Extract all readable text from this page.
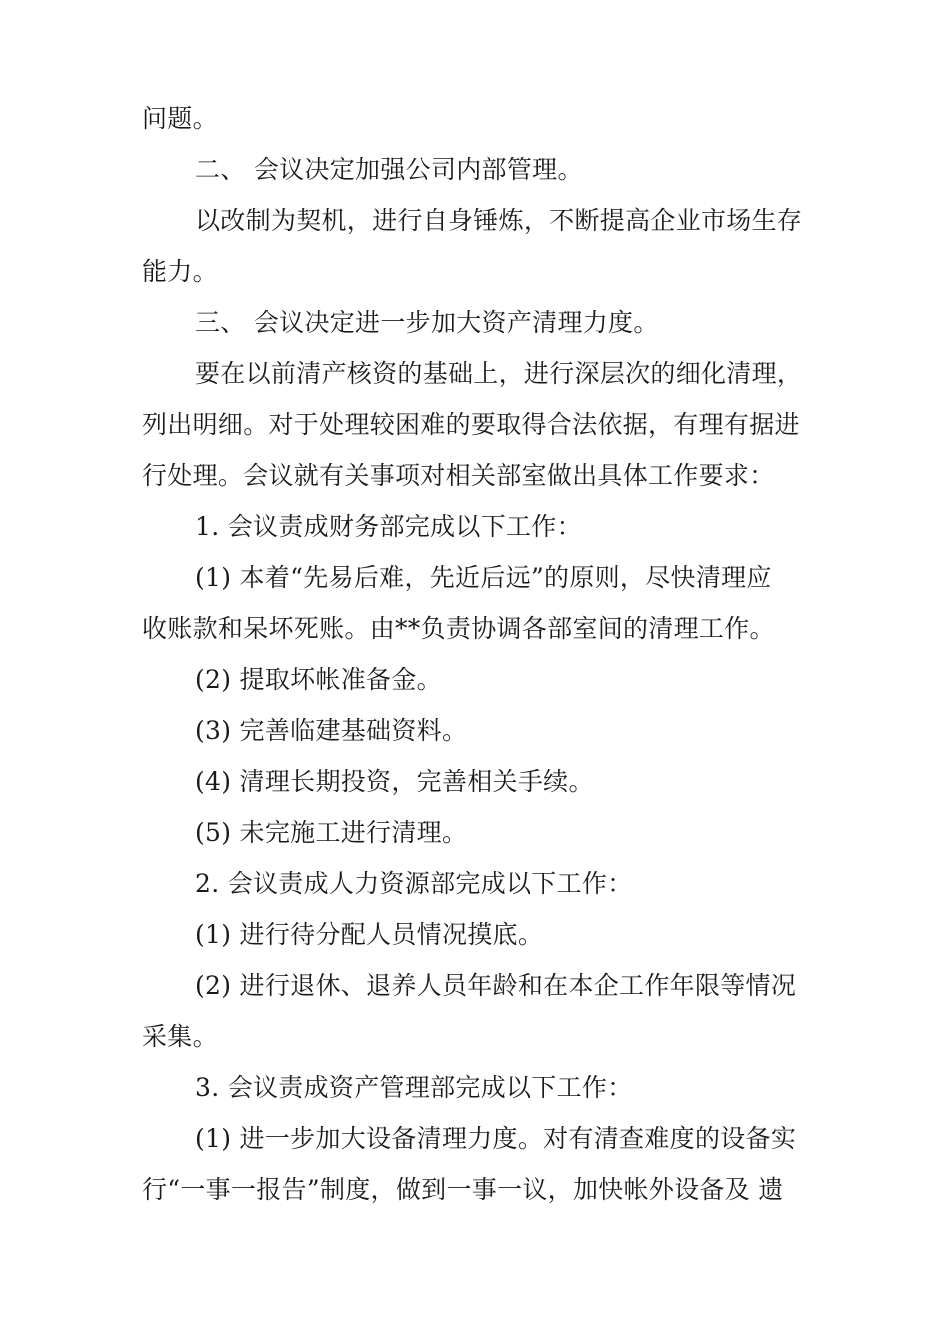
问题。
二、 会议决定加强公司内部管理。
以改制为契机，进行自身锤炼，不断提高企业市场生存
能力。
三、 会议决定进一步加大资产清理力度。
要在以前清产核资的基础上，进行深层次的细化清理，
列出明细。对于处理较困难的要取得合法依据，有理有据进
行处理。会议就有关事项对相关部室做出具体工作要求：
1. 会议责成财务部完成以下工作：
(1) 本着“先易后难，先近后远”的原则，尽快清理应
收账款和呆坏死账。由**负责协调各部室间的清理工作。
(2) 提取坏帐准备金。
(3) 完善临建基础资料。
(4) 清理长期投资，完善相关手续。
(5) 未完施工进行清理。
2. 会议责成人力资源部完成以下工作：
(1) 进行待分配人员情况摸底。
(2) 进行退休、退养人员年龄和在本企工作年限等情况
采集。
3. 会议责成资产管理部完成以下工作：
(1) 进一步加大设备清理力度。对有清查难度的设备实
行“一事一报告”制度，做到一事一议，加快帐外设备及 遗
